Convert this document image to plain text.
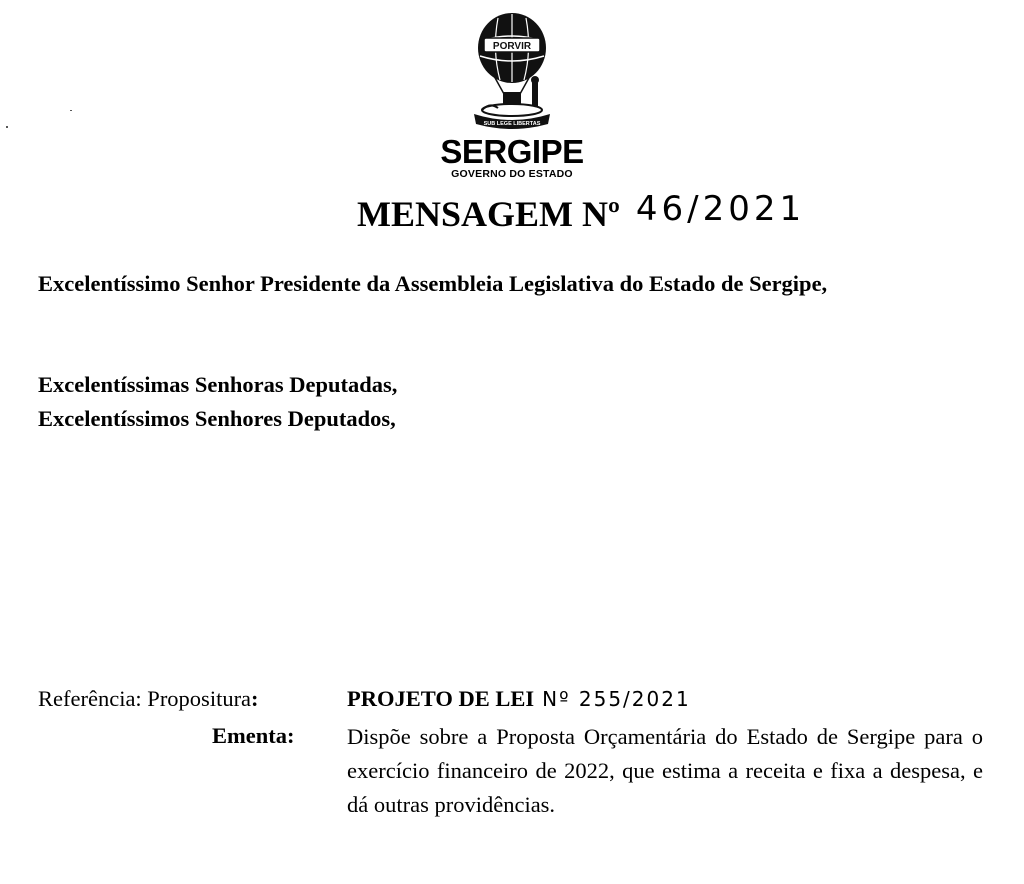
PORVIR
SUB LEGE LIBERTAS
8 DE JULHO DE 1820
SERGIPE
GOVERNO DO ESTADO
MENSAGEM Nº 46/2021

Excelentíssimo Senhor Presidente da Assembleia Legislativa do Estado de Sergipe,

Excelentíssimas Senhoras Deputadas,

Excelentíssimos Senhores Deputados,

Referência: Propositura:	PROJETO DE LEI Nº 255/2021
Ementa: Dispõe sobre a Proposta Orçamentária do Estado de Sergipe para o exercício financeiro de 2022, que estima a receita e fixa a despesa, e dá outras providências.
